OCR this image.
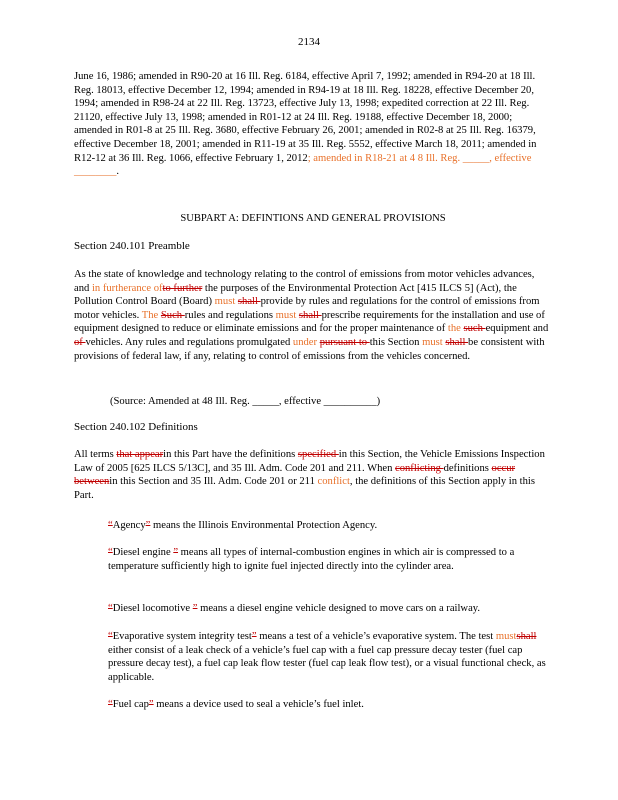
2134

June 16, 1986; amended in R90-20 at 16 Ill. Reg. 6184, effective April 7, 1992; amended in R94-20 at 18 Ill. Reg. 18013, effective December 12, 1994; amended in R94-19 at 18 Ill. Reg. 18228, effective December 20, 1994; amended in R98-24 at 22 Ill. Reg. 13723, effective July 13, 1998; expedited correction at 22 Ill. Reg. 21120, effective July 13, 1998; amended in R01-12 at 24 Ill. Reg. 19188, effective December 18, 2000; amended in R01-8 at 25 Ill. Reg. 3680, effective February 26, 2001; amended in R02-8 at 25 Ill. Reg. 16379, effective December 18, 2001; amended in R11-19 at 35 Ill. Reg. 5552, effective March 18, 2011; amended in R12-12 at 36 Ill. Reg. 1066, effective February 1, 2012; amended in R18-21 at 4 8 Ill. Reg. _____, effective ________.

SUBPART A: DEFINTIONS AND GENERAL PROVISIONS
Section 240.101 Preamble

As the state of knowledge and technology relating to the control of emissions from motor vehicles advances, and in furtherance ofto further the purposes of the Environmental Protection Act [415 ILCS 5] (Act), the Pollution Control Board (Board) must shall provide by rules and regulations for the control of emissions from motor vehicles. The Such rules and regulations must shall prescribe requirements for the installation and use of equipment designed to reduce or eliminate emissions and for the proper maintenance of the such equipment and of vehicles. Any rules and regulations promulgated under pursuant to this Section must shall be consistent with provisions of federal law, if any, relating to control of emissions from the vehicles concerned.

(Source: Amended at 48 Ill. Reg. _____, effective __________)
Section 240.102 Definitions

All terms that appearin this Part have the definitions specified in this Section, the Vehicle Emissions Inspection Law of 2005 [625 ILCS 5/13C], and 35 Ill. Adm. Code 201 and 211. When conflicting definitions occur betweenin this Section and 35 Ill. Adm. Code 201 or 211 conflict, the definitions of this Section apply in this Part.

“Agency” means the Illinois Environmental Protection Agency.

“Diesel engine ” means all types of internal-combustion engines in which air is compressed to a temperature sufficiently high to ignite fuel injected directly into the cylinder area.

“Diesel locomotive ” means a diesel engine vehicle designed to move cars on a railway.

“Evaporative system integrity test” means a test of a vehicle’s evaporative system. The test mustshall either consist of a leak check of a vehicle’s fuel cap with a fuel cap pressure decay tester (fuel cap pressure decay test), a fuel cap leak flow tester (fuel cap leak flow test), or a visual functional check, as applicable.

“Fuel cap” means a device used to seal a vehicle’s fuel inlet.
